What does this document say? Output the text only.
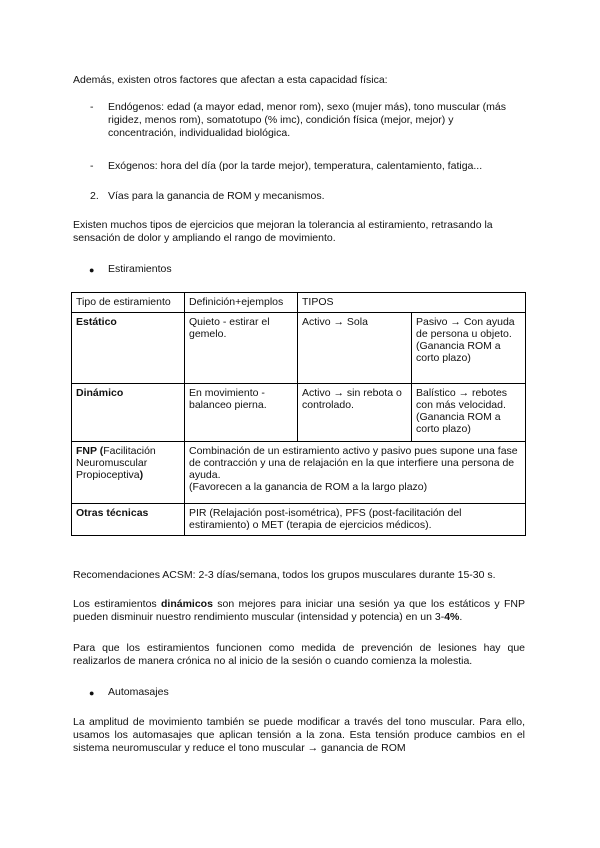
Además, existen otros factores que afectan a esta capacidad física:
- Endógenos: edad (a mayor edad, menor rom), sexo (mujer más), tono muscular (más rigidez, menos rom), somatotupo (% imc), condición física (mejor, mejor) y concentración, individualidad biológica.
- Exógenos: hora del día (por la tarde mejor), temperatura, calentamiento, fatiga...
2. Vías para la ganancia de ROM y mecanismos.
Existen muchos tipos de ejercicios que mejoran la tolerancia al estiramiento, retrasando la sensación de dolor y ampliando el rango de movimiento.
● Estiramientos
Tipo de estiramiento	Definición+ejemplos	TIPOS	
Estático	Quieto - estirar el gemelo.	Activo → Sola	Pasivo → Con ayuda de persona u objeto.
(Ganancia ROM a corto plazo)

Dinámico	En movimiento - balanceo pierna.	Activo → sin rebota o controlado.	Balístico → rebotes con más velocidad.
(Ganancia ROM a corto plazo)

FNP (Facilitación Neuromuscular Propioceptiva)	Combinación de un estiramiento activo y pasivo pues supone una fase de contracción y una de relajación en la que interfiere una persona de ayuda.
(Favorecen a la ganancia de ROM a la largo plazo)		

Otras técnicas	PIR (Relajación post-isométrica), PFS (post-facilitación del estiramiento) o MET (terapia de ejercicios médicos).		
Recomendaciones ACSM: 2-3 días/semana, todos los grupos musculares durante 15-30 s.
Los estiramientos dinámicos son mejores para iniciar una sesión ya que los estáticos y FNP pueden disminuir nuestro rendimiento muscular (intensidad y potencia) en un 3-4%.
Para que los estiramientos funcionen como medida de prevención de lesiones hay que realizarlos de manera crónica no al inicio de la sesión o cuando comienza la molestia.
● Automasajes
La amplitud de movimiento también se puede modificar a través del tono muscular. Para ello, usamos los automasajes que aplican tensión a la zona. Esta tensión produce cambios en el sistema neuromuscular y reduce el tono muscular → ganancia de ROM
